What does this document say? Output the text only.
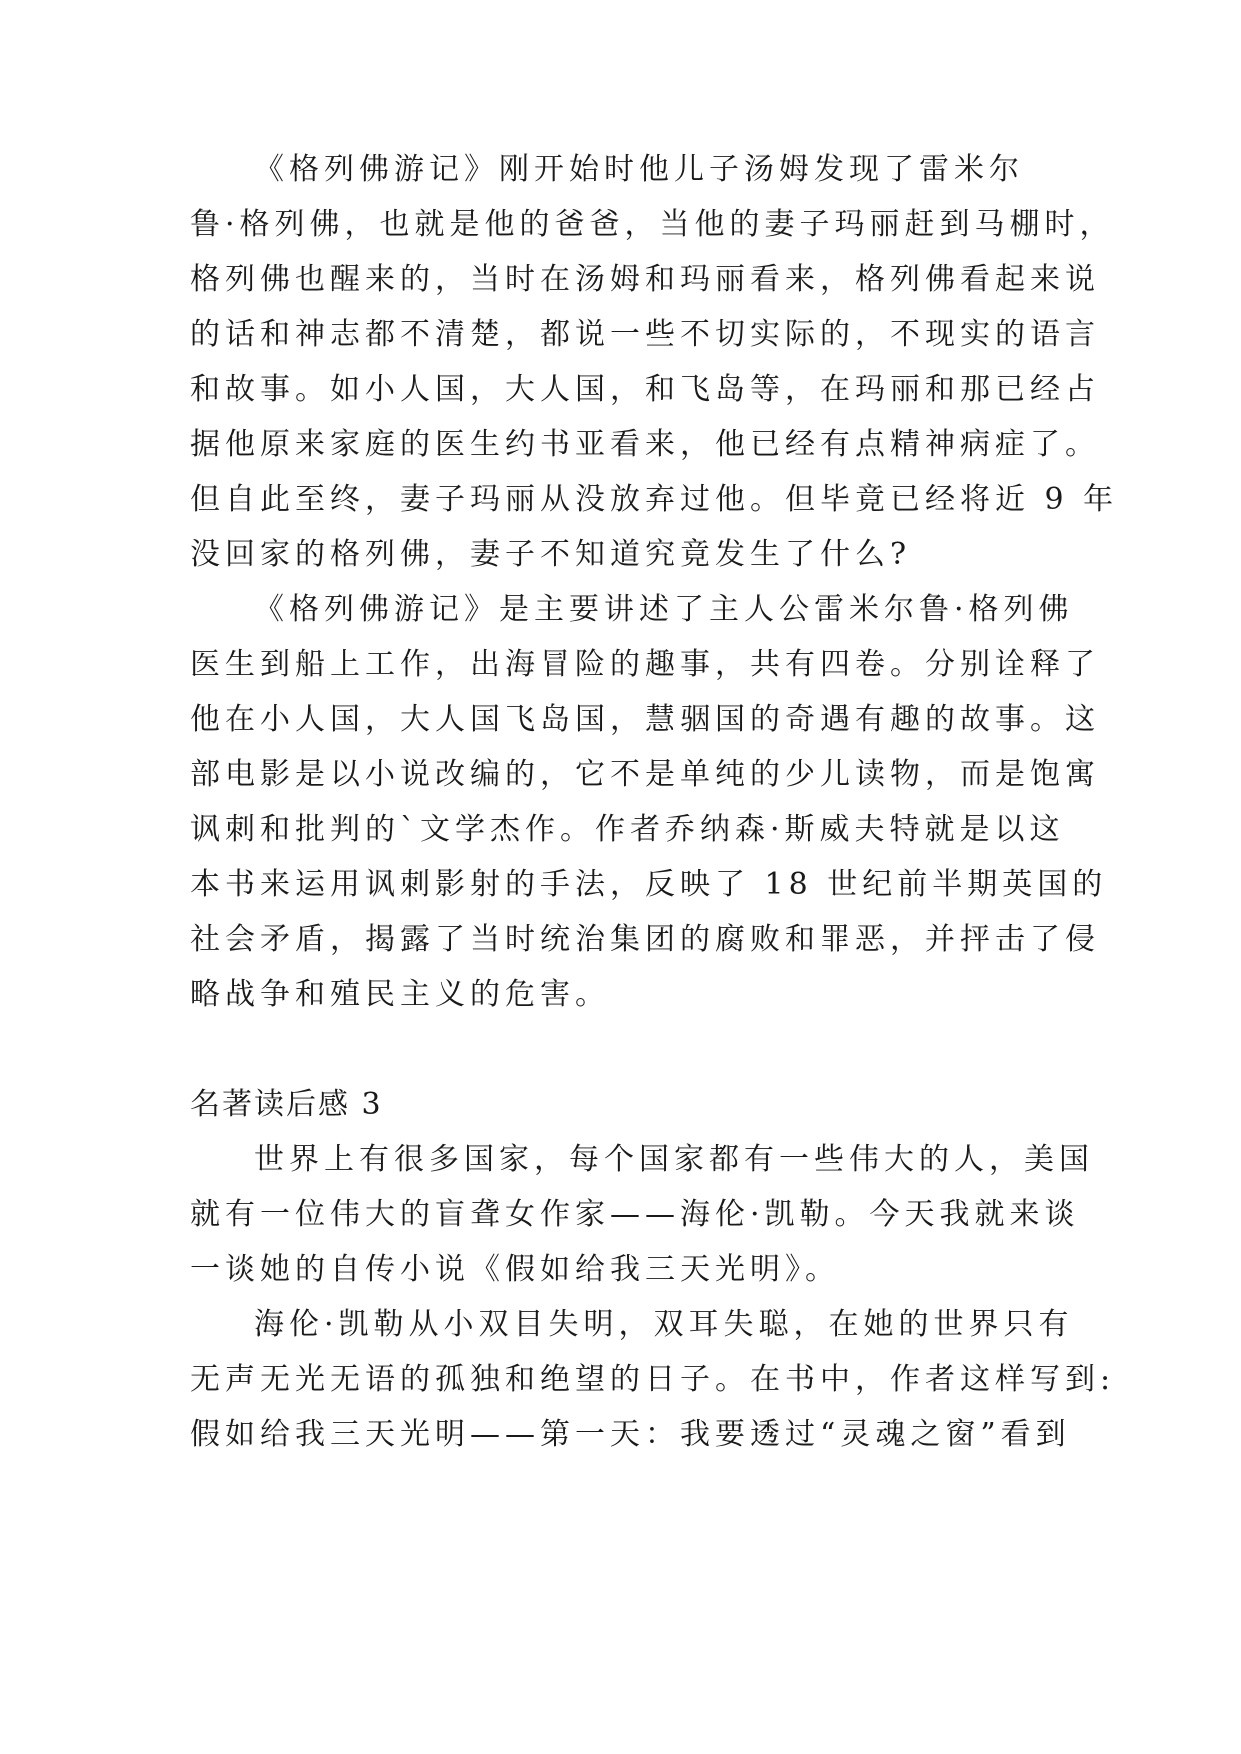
《格列佛游记》刚开始时他儿子汤姆发现了雷米尔
鲁·格列佛，也就是他的爸爸，当他的妻子玛丽赶到马棚时，
格列佛也醒来的，当时在汤姆和玛丽看来，格列佛看起来说
的话和神志都不清楚，都说一些不切实际的，不现实的语言
和故事。如小人国，大人国，和飞岛等，在玛丽和那已经占
据他原来家庭的医生约书亚看来，他已经有点精神病症了。
但自此至终，妻子玛丽从没放弃过他。但毕竟已经将近 9 年
没回家的格列佛，妻子不知道究竟发生了什么?
《格列佛游记》是主要讲述了主人公雷米尔鲁·格列佛
医生到船上工作，出海冒险的趣事，共有四卷。分别诠释了
他在小人国，大人国飞岛国，慧骃国的奇遇有趣的故事。这
部电影是以小说改编的，它不是单纯的少儿读物，而是饱寓
讽刺和批判的`文学杰作。作者乔纳森·斯威夫特就是以这
本书来运用讽刺影射的手法，反映了 18 世纪前半期英国的
社会矛盾，揭露了当时统治集团的腐败和罪恶，并抨击了侵
略战争和殖民主义的危害。
名著读后感 3
世界上有很多国家，每个国家都有一些伟大的人，美国
就有一位伟大的盲聋女作家——海伦·凯勒。今天我就来谈
一谈她的自传小说《假如给我三天光明》。
海伦·凯勒从小双目失明，双耳失聪，在她的世界只有
无声无光无语的孤独和绝望的日子。在书中，作者这样写到:
假如给我三天光明——第一天：我要透过“灵魂之窗”看到
